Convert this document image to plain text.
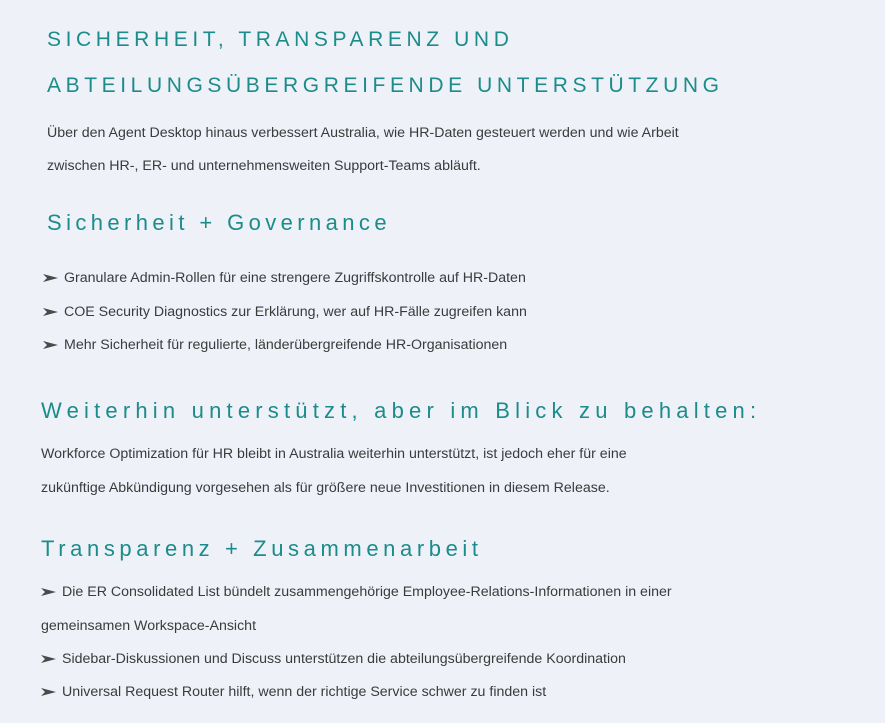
SICHERHEIT, TRANSPARENZ UND
ABTEILUNGSÜBERGREIFENDE UNTERSTÜTZUNG

Über den Agent Desktop hinaus verbessert Australia, wie HR-Daten gesteuert werden und wie Arbeit

zwischen HR-, ER- und unternehmensweiten Support-Teams abläuft.

Sicherheit + Governance
Granulare Admin-Rollen für eine strengere Zugriffskontrolle auf HR-Daten
COE Security Diagnostics zur Erklärung, wer auf HR-Fälle zugreifen kann
Mehr Sicherheit für regulierte, länderübergreifende HR-Organisationen
Weiterhin unterstützt, aber im Blick zu behalten:

Workforce Optimization für HR bleibt in Australia weiterhin unterstützt, ist jedoch eher für eine

zukünftige Abkündigung vorgesehen als für größere neue Investitionen in diesem Release.

Transparenz + Zusammenarbeit
Die ER Consolidated List bündelt zusammengehörige Employee-Relations-Informationen in einer

gemeinsamen Workspace-Ansicht

Sidebar-Diskussionen und Discuss unterstützen die abteilungsübergreifende Koordination
Universal Request Router hilft, wenn der richtige Service schwer zu finden ist
